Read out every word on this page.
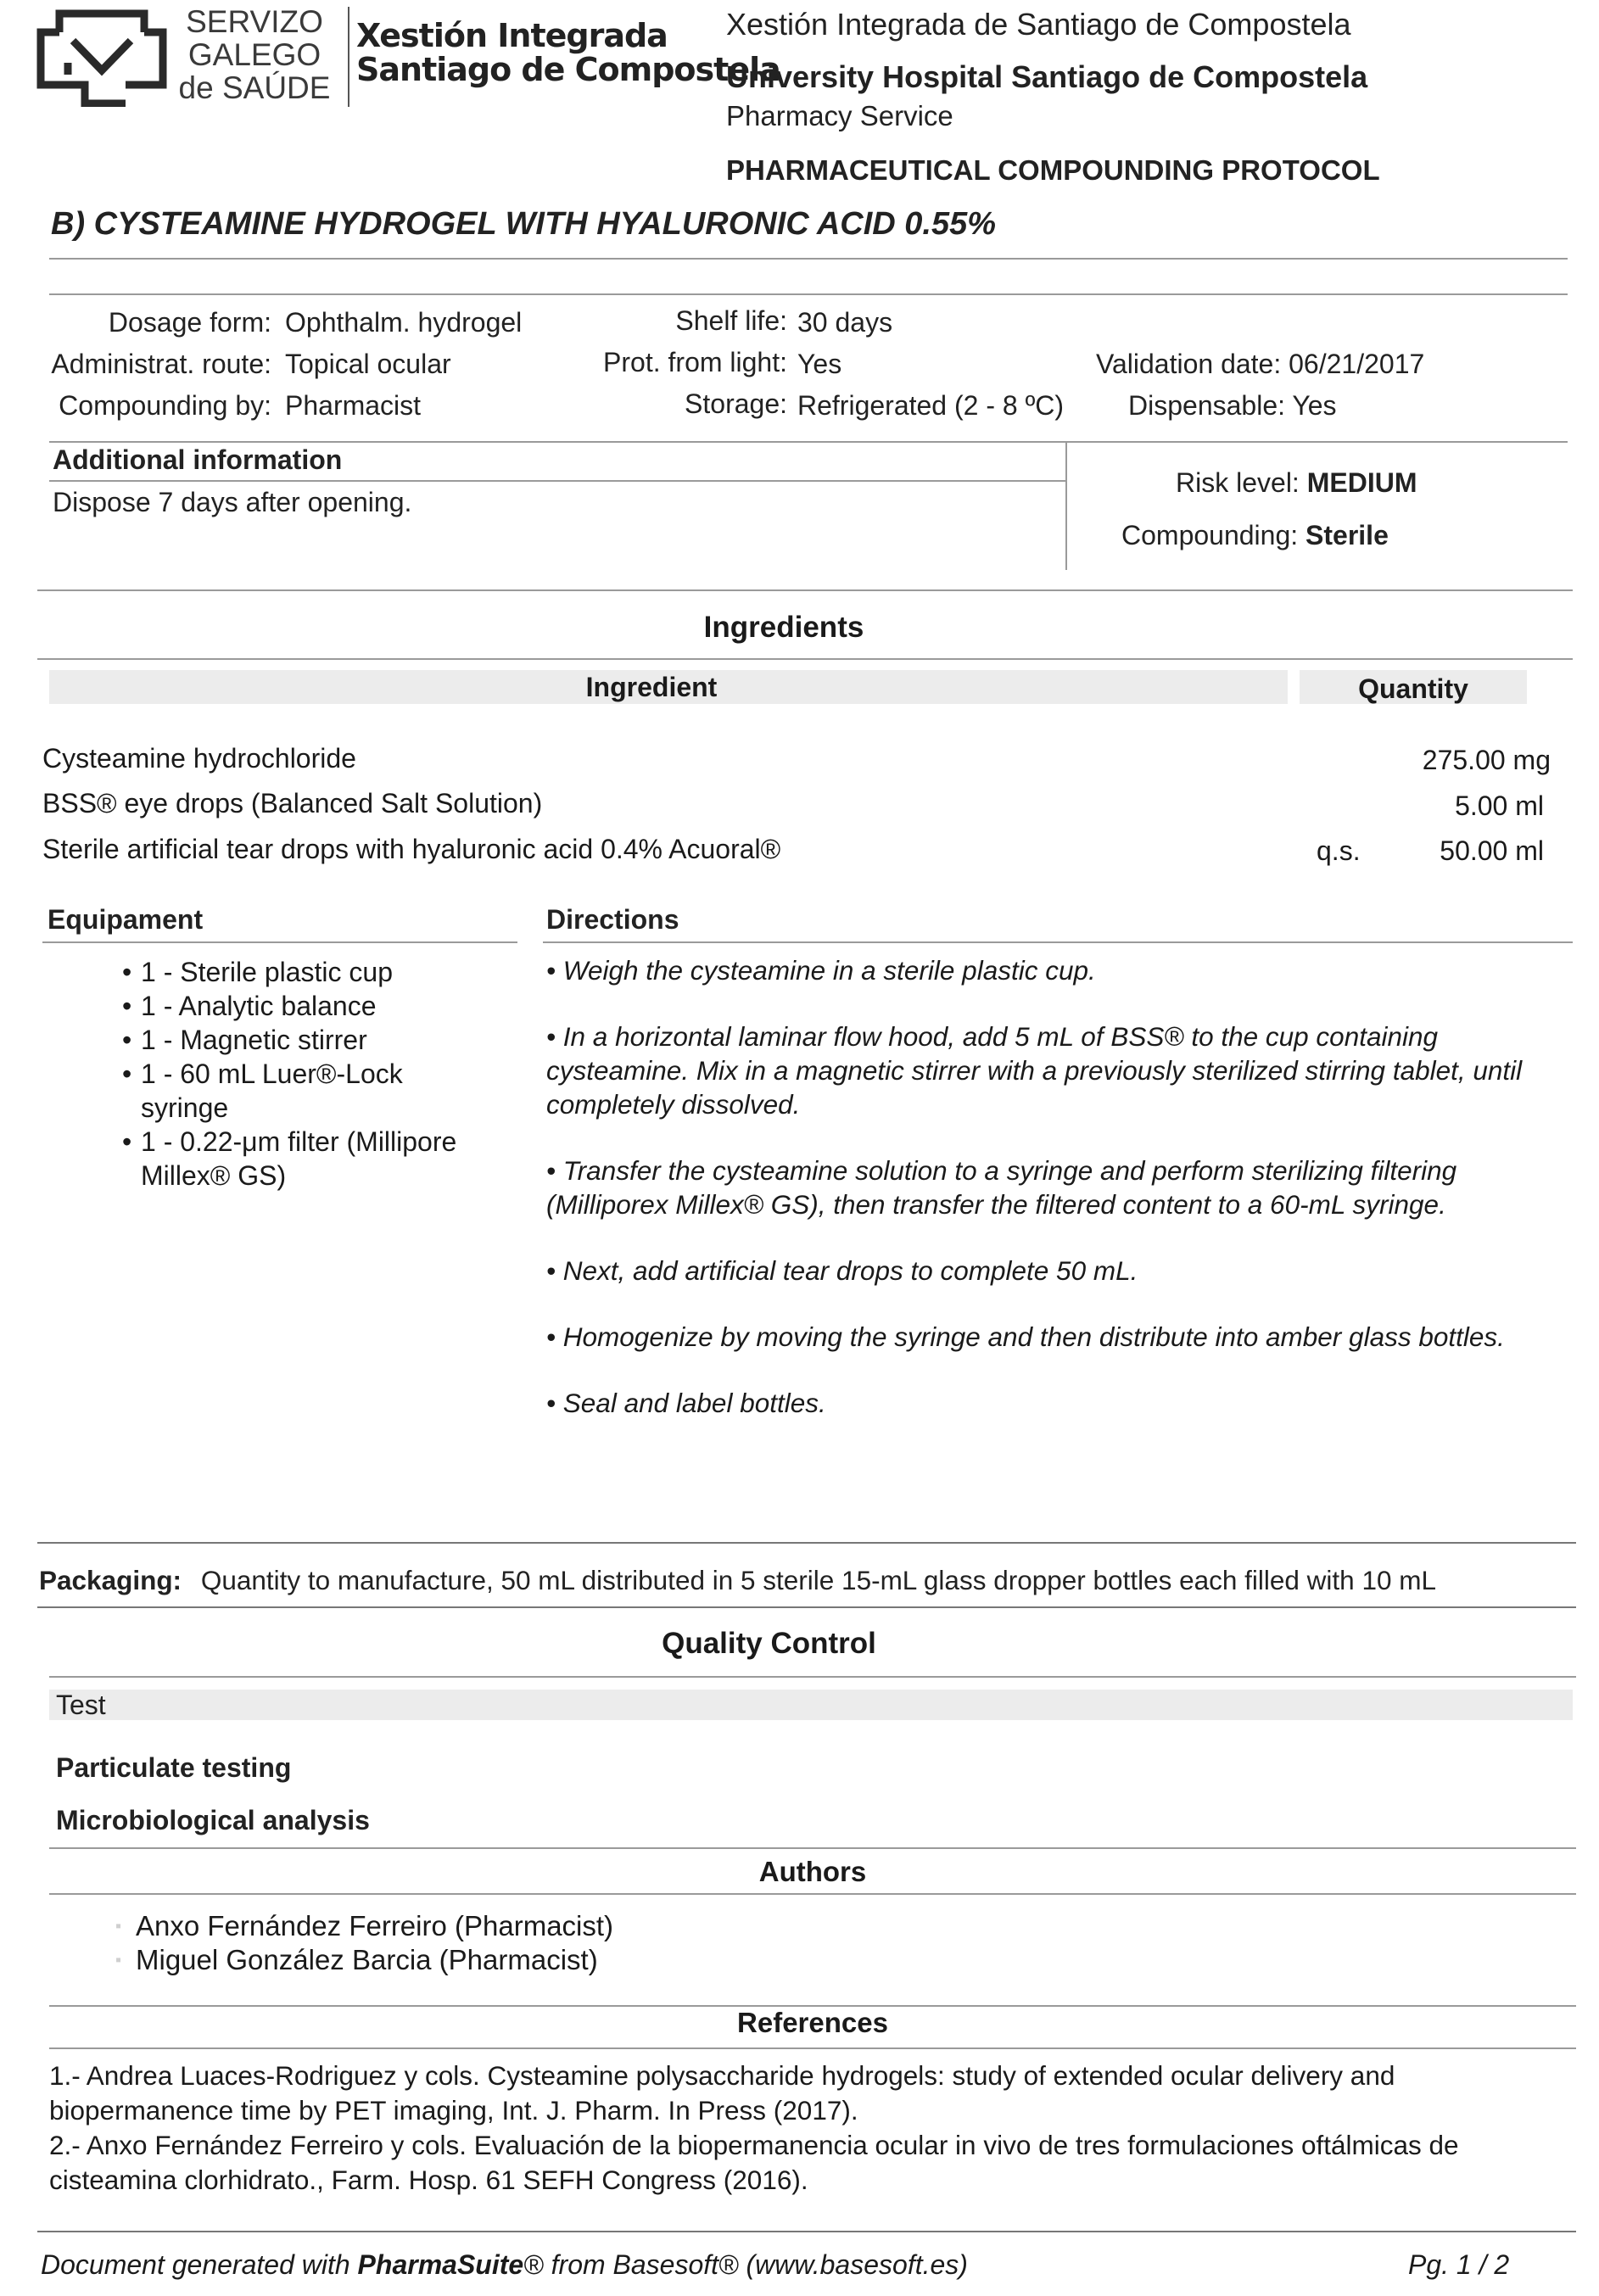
SERVIZO
GALEGO
de SAÚDE
Xestión Integrada
Santiago de Compostela
Xestión Integrada de Santiago de Compostela
University Hospital Santiago de Compostela
Pharmacy Service
PHARMACEUTICAL COMPOUNDING PROTOCOL
B) CYSTEAMINE HYDROGEL WITH HYALURONIC ACID 0.55%
Dosage form: Ophthalm. hydrogel
Administrat. route: Topical ocular
Compounding by: Pharmacist
Shelf life: 30 days
Prot. from light: Yes
Storage: Refrigerated (2 - 8 ºC)
Validation date: 06/21/2017
Dispensable: Yes
Additional information
Dispose 7 days after opening.
Risk level: MEDIUM
Compounding: Sterile
Ingredients
Ingredient	Quantity
Cysteamine hydrochloride	275.00 mg
BSS® eye drops (Balanced Salt Solution)	5.00 ml
Sterile artificial tear drops with hyaluronic acid 0.4% Acuoral®	q.s.	50.00 ml
Equipament
• 1 - Sterile plastic cup
• 1 - Analytic balance
• 1 - Magnetic stirrer
• 1 - 60 mL Luer®-Lock syringe
• 1 - 0.22-μm filter (Millipore Millex® GS)
Directions

• Weigh the cysteamine in a sterile plastic cup.

• In a horizontal laminar flow hood, add 5 mL of BSS® to the cup containing cysteamine. Mix in a magnetic stirrer with a previously sterilized stirring tablet, until completely dissolved.

• Transfer the cysteamine solution to a syringe and perform sterilizing filtering (Milliporex Millex® GS), then transfer the filtered content to a 60-mL syringe.

• Next, add artificial tear drops to complete 50 mL.

• Homogenize by moving the syringe and then distribute into amber glass bottles.

• Seal and label bottles.

Packaging: Quantity to manufacture, 50 mL distributed in 5 sterile 15-mL glass dropper bottles each filled with 10 mL
Quality Control
Test
Particulate testing
Microbiological analysis
Authors
▪ Anxo Fernández Ferreiro (Pharmacist)
▪ Miguel González Barcia (Pharmacist)
References
1.- Andrea Luaces-Rodriguez y cols. Cysteamine polysaccharide hydrogels: study of extended ocular delivery and biopermanence time by PET imaging, Int. J. Pharm. In Press (2017).
2.- Anxo Fernández Ferreiro y cols. Evaluación de la biopermanencia ocular in vivo de tres formulaciones oftálmicas de cisteamina clorhidrato., Farm. Hosp. 61 SEFH Congress (2016).
Document generated with PharmaSuite® from Basesoft® (www.basesoft.es)	Pg. 1 / 2
